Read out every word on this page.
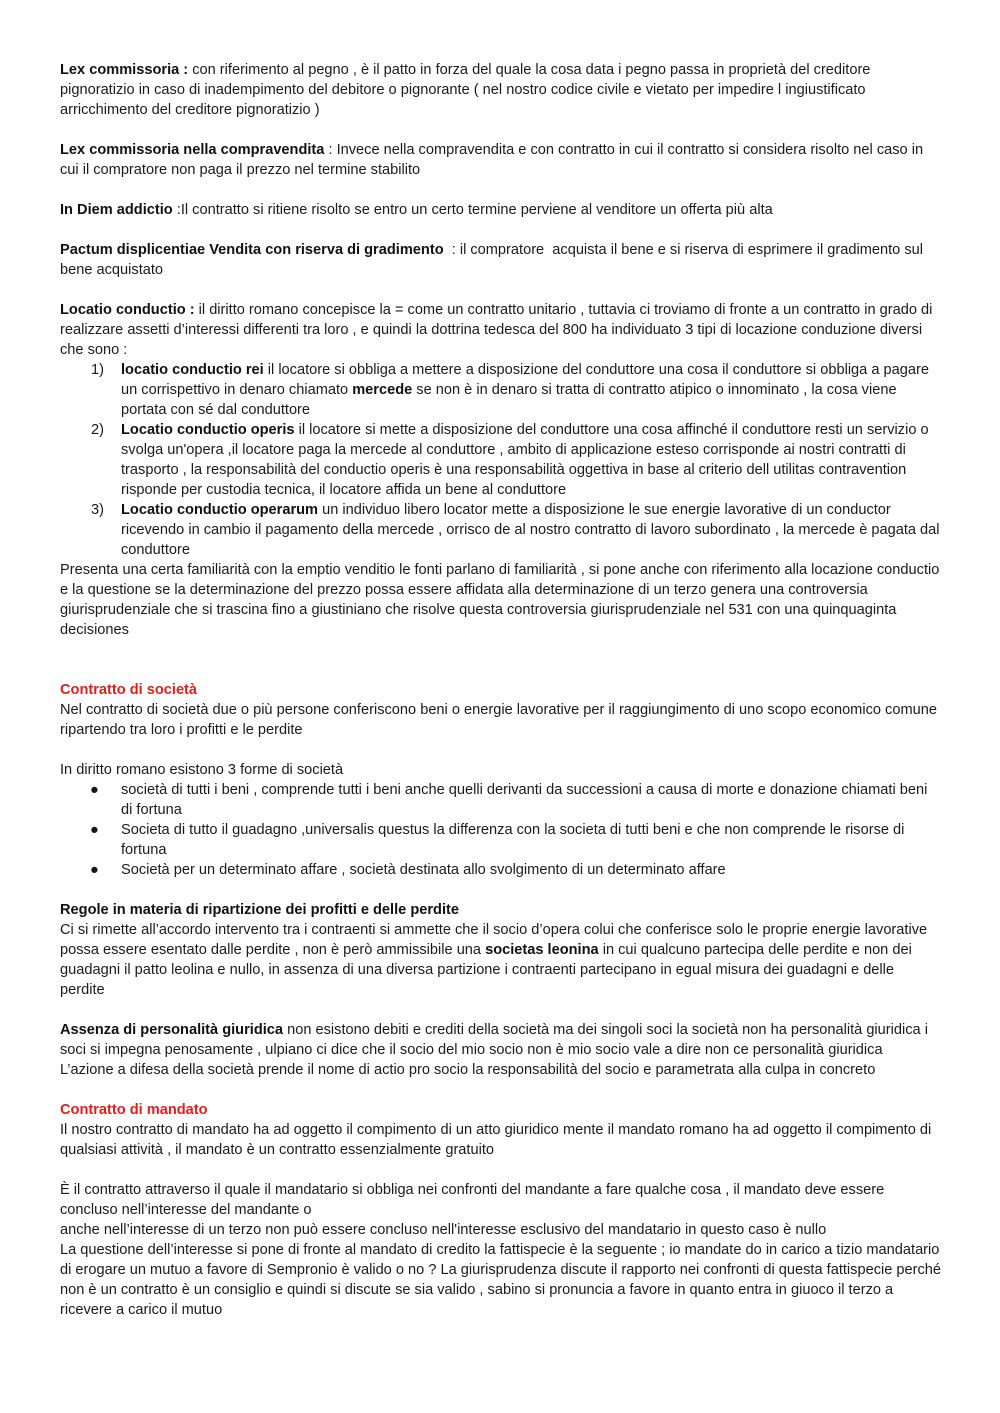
Lex commissoria : con riferimento al pegno , è il patto in forza del quale la cosa data i pegno passa in proprietà del creditore pignoratizio in caso di inadempimento del debitore o pignorante ( nel nostro codice civile e vietato per impedire l ingiustificato arricchimento del creditore pignoratizio )

Lex commissoria nella compravendita : Invece nella compravendita e con contratto in cui il contratto si considera risolto nel caso in cui il compratore non paga il prezzo nel termine stabilito

In Diem addictio :Il contratto si ritiene risolto se entro un certo termine perviene al venditore un offerta più alta

Pactum displicentiae Vendita con riserva di gradimento  : il compratore  acquista il bene e si riserva di esprimere il gradimento sul bene acquistato

Locatio conductio : il diritto romano concepisce la = come un contratto unitario , tuttavia ci troviamo di fronte a un contratto in grado di realizzare assetti d’interessi differenti tra loro , e quindi la dottrina tedesca del 800 ha individuato 3 tipi di locazione conduzione diversi che sono :

1) locatio conductio rei il locatore si obbliga a mettere a disposizione del conduttore una cosa il conduttore si obbliga a pagare un corrispettivo in denaro chiamato mercede se non è in denaro si tratta di contratto atipico o innominato , la cosa viene portata con sé dal conduttore
2) Locatio conductio operis il locatore si mette a disposizione del conduttore una cosa affinché il conduttore resti un servizio o svolga un'opera ,il locatore paga la mercede al conduttore , ambito di applicazione esteso corrisponde ai nostri contratti di trasporto , la responsabilità del conductio operis è una responsabilità oggettiva in base al criterio dell utilitas contravention risponde per custodia tecnica, il locatore affida un bene al conduttore
3) Locatio conductio operarum un individuo libero locator mette a disposizione le sue energie lavorative di un conductor ricevendo in cambio il pagamento della mercede , orrisco de al nostro contratto di lavoro subordinato , la mercede è pagata dal conduttore

Presenta una certa familiarità con la emptio venditio le fonti parlano di familiarità , si pone anche con riferimento alla locazione conductio e la questione se la determinazione del prezzo possa essere affidata alla determinazione di un terzo genera una controversia giurisprudenziale che si trascina fino a giustiniano che risolve questa controversia giurisprudenziale nel 531 con una quinquaginta decisiones

Contratto di società

Nel contratto di società due o più persone conferiscono beni o energie lavorative per il raggiungimento di uno scopo economico comune ripartendo tra loro i profitti e le perdite

In diritto romano esistono 3 forme di società

● società di tutti i beni , comprende tutti i beni anche quelli derivanti da successioni a causa di morte e donazione chiamati beni di fortuna
● Societa di tutto il guadagno ,universalis questus la differenza con la societa di tutti beni e che non comprende le risorse di fortuna
● Società per un determinato affare , società destinata allo svolgimento di un determinato affare

Regole in materia di ripartizione dei profitti e delle perdite

Ci si rimette all’accordo intervento tra i contraenti si ammette che il socio d’opera colui che conferisce solo le proprie energie lavorative possa essere esentato dalle perdite , non è però ammissibile una societas leonina in cui qualcuno partecipa delle perdite e non dei guadagni il patto leolina e nullo, in assenza di una diversa partizione i contraenti partecipano in egual misura dei guadagni e delle perdite

Assenza di personalità giuridica non esistono debiti e crediti della società ma dei singoli soci la società non ha personalità giuridica i soci si impegna penosamente , ulpiano ci dice che il socio del mio socio non è mio socio vale a dire non ce personalità giuridica

L’azione a difesa della società prende il nome di actio pro socio la responsabilità del socio e parametrata alla culpa in concreto

Contratto di mandato

Il nostro contratto di mandato ha ad oggetto il compimento di un atto giuridico mente il mandato romano ha ad oggetto il compimento di qualsiasi attività , il mandato è un contratto essenzialmente gratuito

È il contratto attraverso il quale il mandatario si obbliga nei confronti del mandante a fare qualche cosa , il mandato deve essere concluso nell’interesse del mandante o

anche nell’interesse di un terzo non può essere concluso nell'interesse esclusivo del mandatario in questo caso è nullo

La questione dell’interesse si pone di fronte al mandato di credito la fattispecie è la seguente ; io mandate do in carico a tizio mandatario di erogare un mutuo a favore di Sempronio è valido o no ? La giurisprudenza discute il rapporto nei confronti di questa fattispecie perché non è un contratto è un consiglio e quindi si discute se sia valido , sabino si pronuncia a favore in quanto entra in giuoco il terzo a ricevere a carico il mutuo
